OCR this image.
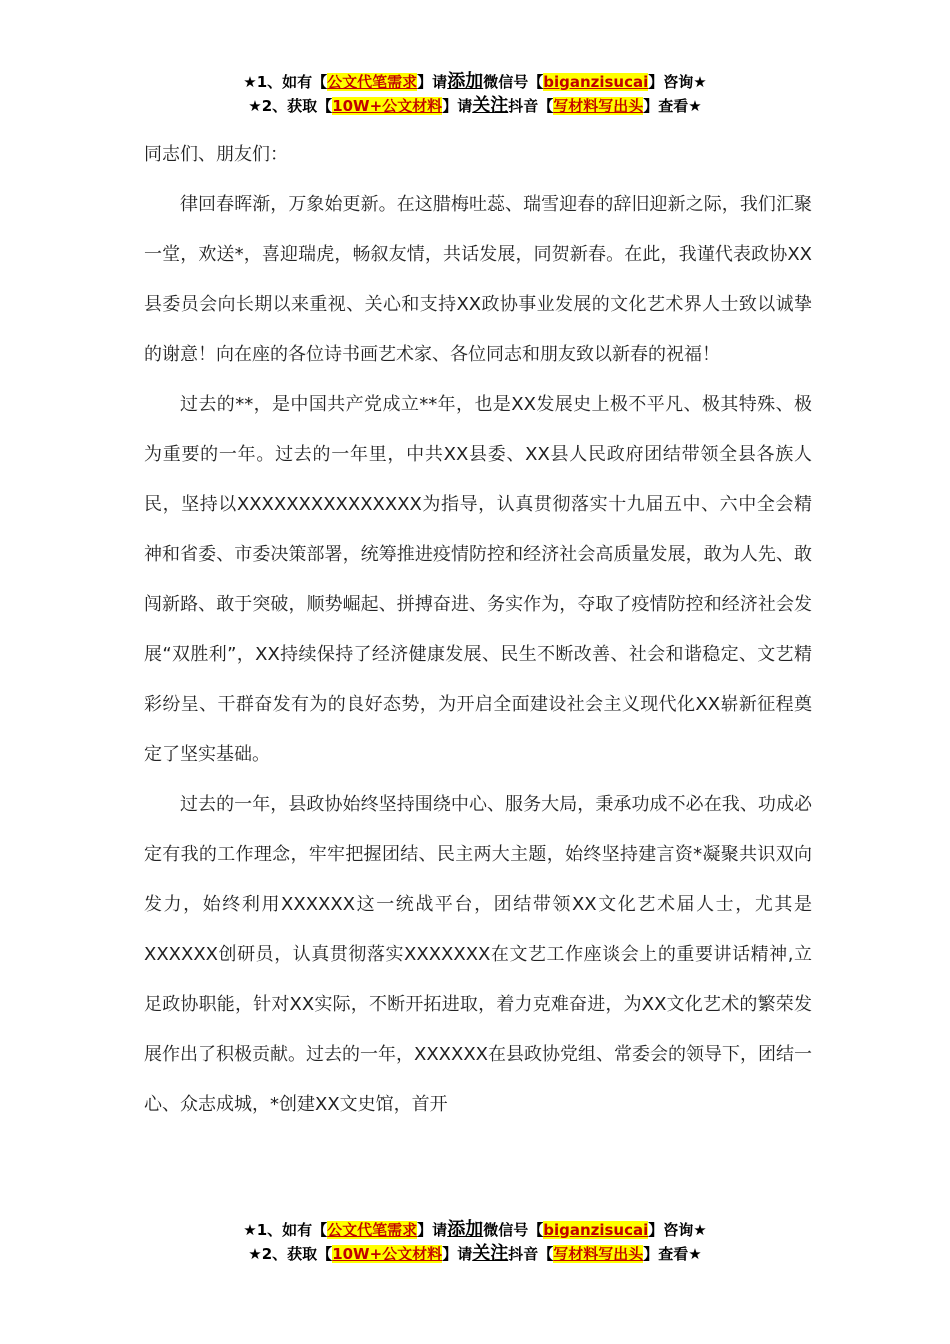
★1、如有【公文代笔需求】请添加微信号【biganzisucai】咨询★
★2、获取【10W+公文材料】请关注抖音【写材料写出头】查看★

同志们、朋友们：

律回春晖渐，万象始更新。在这腊梅吐蕊、瑞雪迎春的辞旧迎新之际，我们汇聚一堂，欢送*，喜迎瑞虎，畅叙友情，共话发展，同贺新春。在此，我谨代表政协XX县委员会向长期以来重视、关心和支持XX政协事业发展的文化艺术界人士致以诚挚的谢意！向在座的各位诗书画艺术家、各位同志和朋友致以新春的祝福！

过去的**，是中国共产党成立**年，也是XX发展史上极不平凡、极其特殊、极为重要的一年。过去的一年里，中共XX县委、XX县人民政府团结带领全县各族人民，坚持以XXXXXXXXXXXXXXX为指导，认真贯彻落实十九届五中、六中全会精神和省委、市委决策部署，统筹推进疫情防控和经济社会高质量发展，敢为人先、敢闯新路、敢于突破，顺势崛起、拼搏奋进、务实作为，夺取了疫情防控和经济社会发展“双胜利”，XX持续保持了经济健康发展、民生不断改善、社会和谐稳定、文艺精彩纷呈、干群奋发有为的良好态势，为开启全面建设社会主义现代化XX崭新征程奠定了坚实基础。

过去的一年，县政协始终坚持围绕中心、服务大局，秉承功成不必在我、功成必定有我的工作理念，牢牢把握团结、民主两大主题，始终坚持建言资*凝聚共识双向发力，始终利用XXXXXX这一统战平台，团结带领XX文化艺术届人士，尤其是XXXXXX创研员，认真贯彻落实XXXXXXX在文艺工作座谈会上的重要讲话精神,立足政协职能，针对XX实际，不断开拓进取，着力克难奋进，为XX文化艺术的繁荣发展作出了积极贡献。过去的一年，XXXXXX在县政协党组、常委会的领导下，团结一心、众志成城，*创建XX文史馆，首开

★1、如有【公文代笔需求】请添加微信号【biganzisucai】咨询★
★2、获取【10W+公文材料】请关注抖音【写材料写出头】查看★
